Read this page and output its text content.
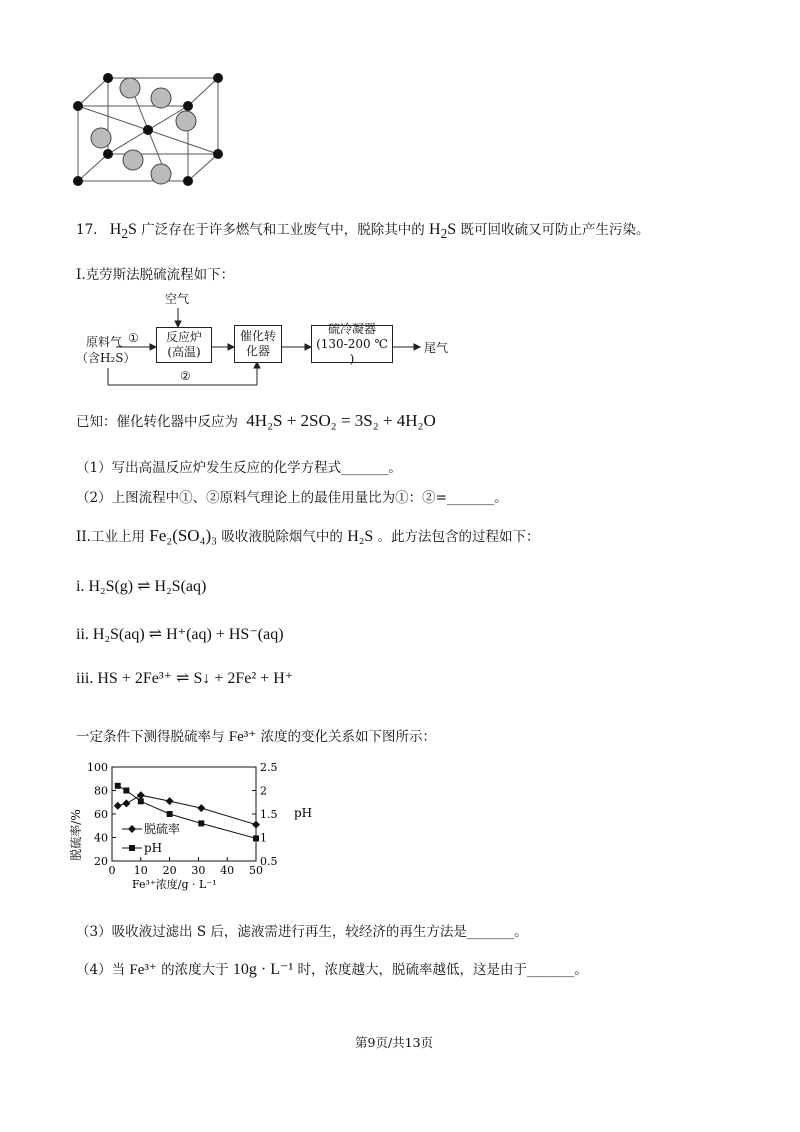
17. $H_2S$ 广泛存在于许多燃气和工业废气中，脱除其中的 $H_2S$ 既可回收硫又可防止产生污染。
I.克劳斯法脱硫流程如下：
空气
原料气
（含H₂S）
①
②
反应炉
(高温)
催化转
化器
硫冷凝器
(130-200 ℃ )
尾气
已知：催化转化器中反应为 4H₂S + 2SO₂ = 3S₂ + 4H₂O
（1）写出高温反应炉发生反应的化学方程式_______。
（2）上图流程中①、②原料气理论上的最佳用量比为①：②=_______。
II.工业上用 Fe₂(SO₄)₃ 吸收液脱除烟气中的 H₂S 。此方法包含的过程如下：
i. H₂S(g) ⇌ H₂S(aq)
ii. H₂S(aq) ⇌ H⁺(aq) + HS⁻(aq)
iii. HS + 2Fe³⁺ ⇌ S↓ + 2Fe² + H⁺
一定条件下测得脱硫率与 Fe³⁺ 浓度的变化关系如下图所示：
20
40
60
80
100
0.5
1
1.5
2
2.5
0 10 20 30 40 50
脱硫率/%	pH
Fe³⁺浓度/g · L⁻¹
脱硫率
pH
（3）吸收液过滤出 S 后，滤液需进行再生，较经济的再生方法是_______。
（4）当 Fe³⁺ 的浓度大于 10g · L⁻¹ 时，浓度越大，脱硫率越低，这是由于_______。
第9页/共13页
